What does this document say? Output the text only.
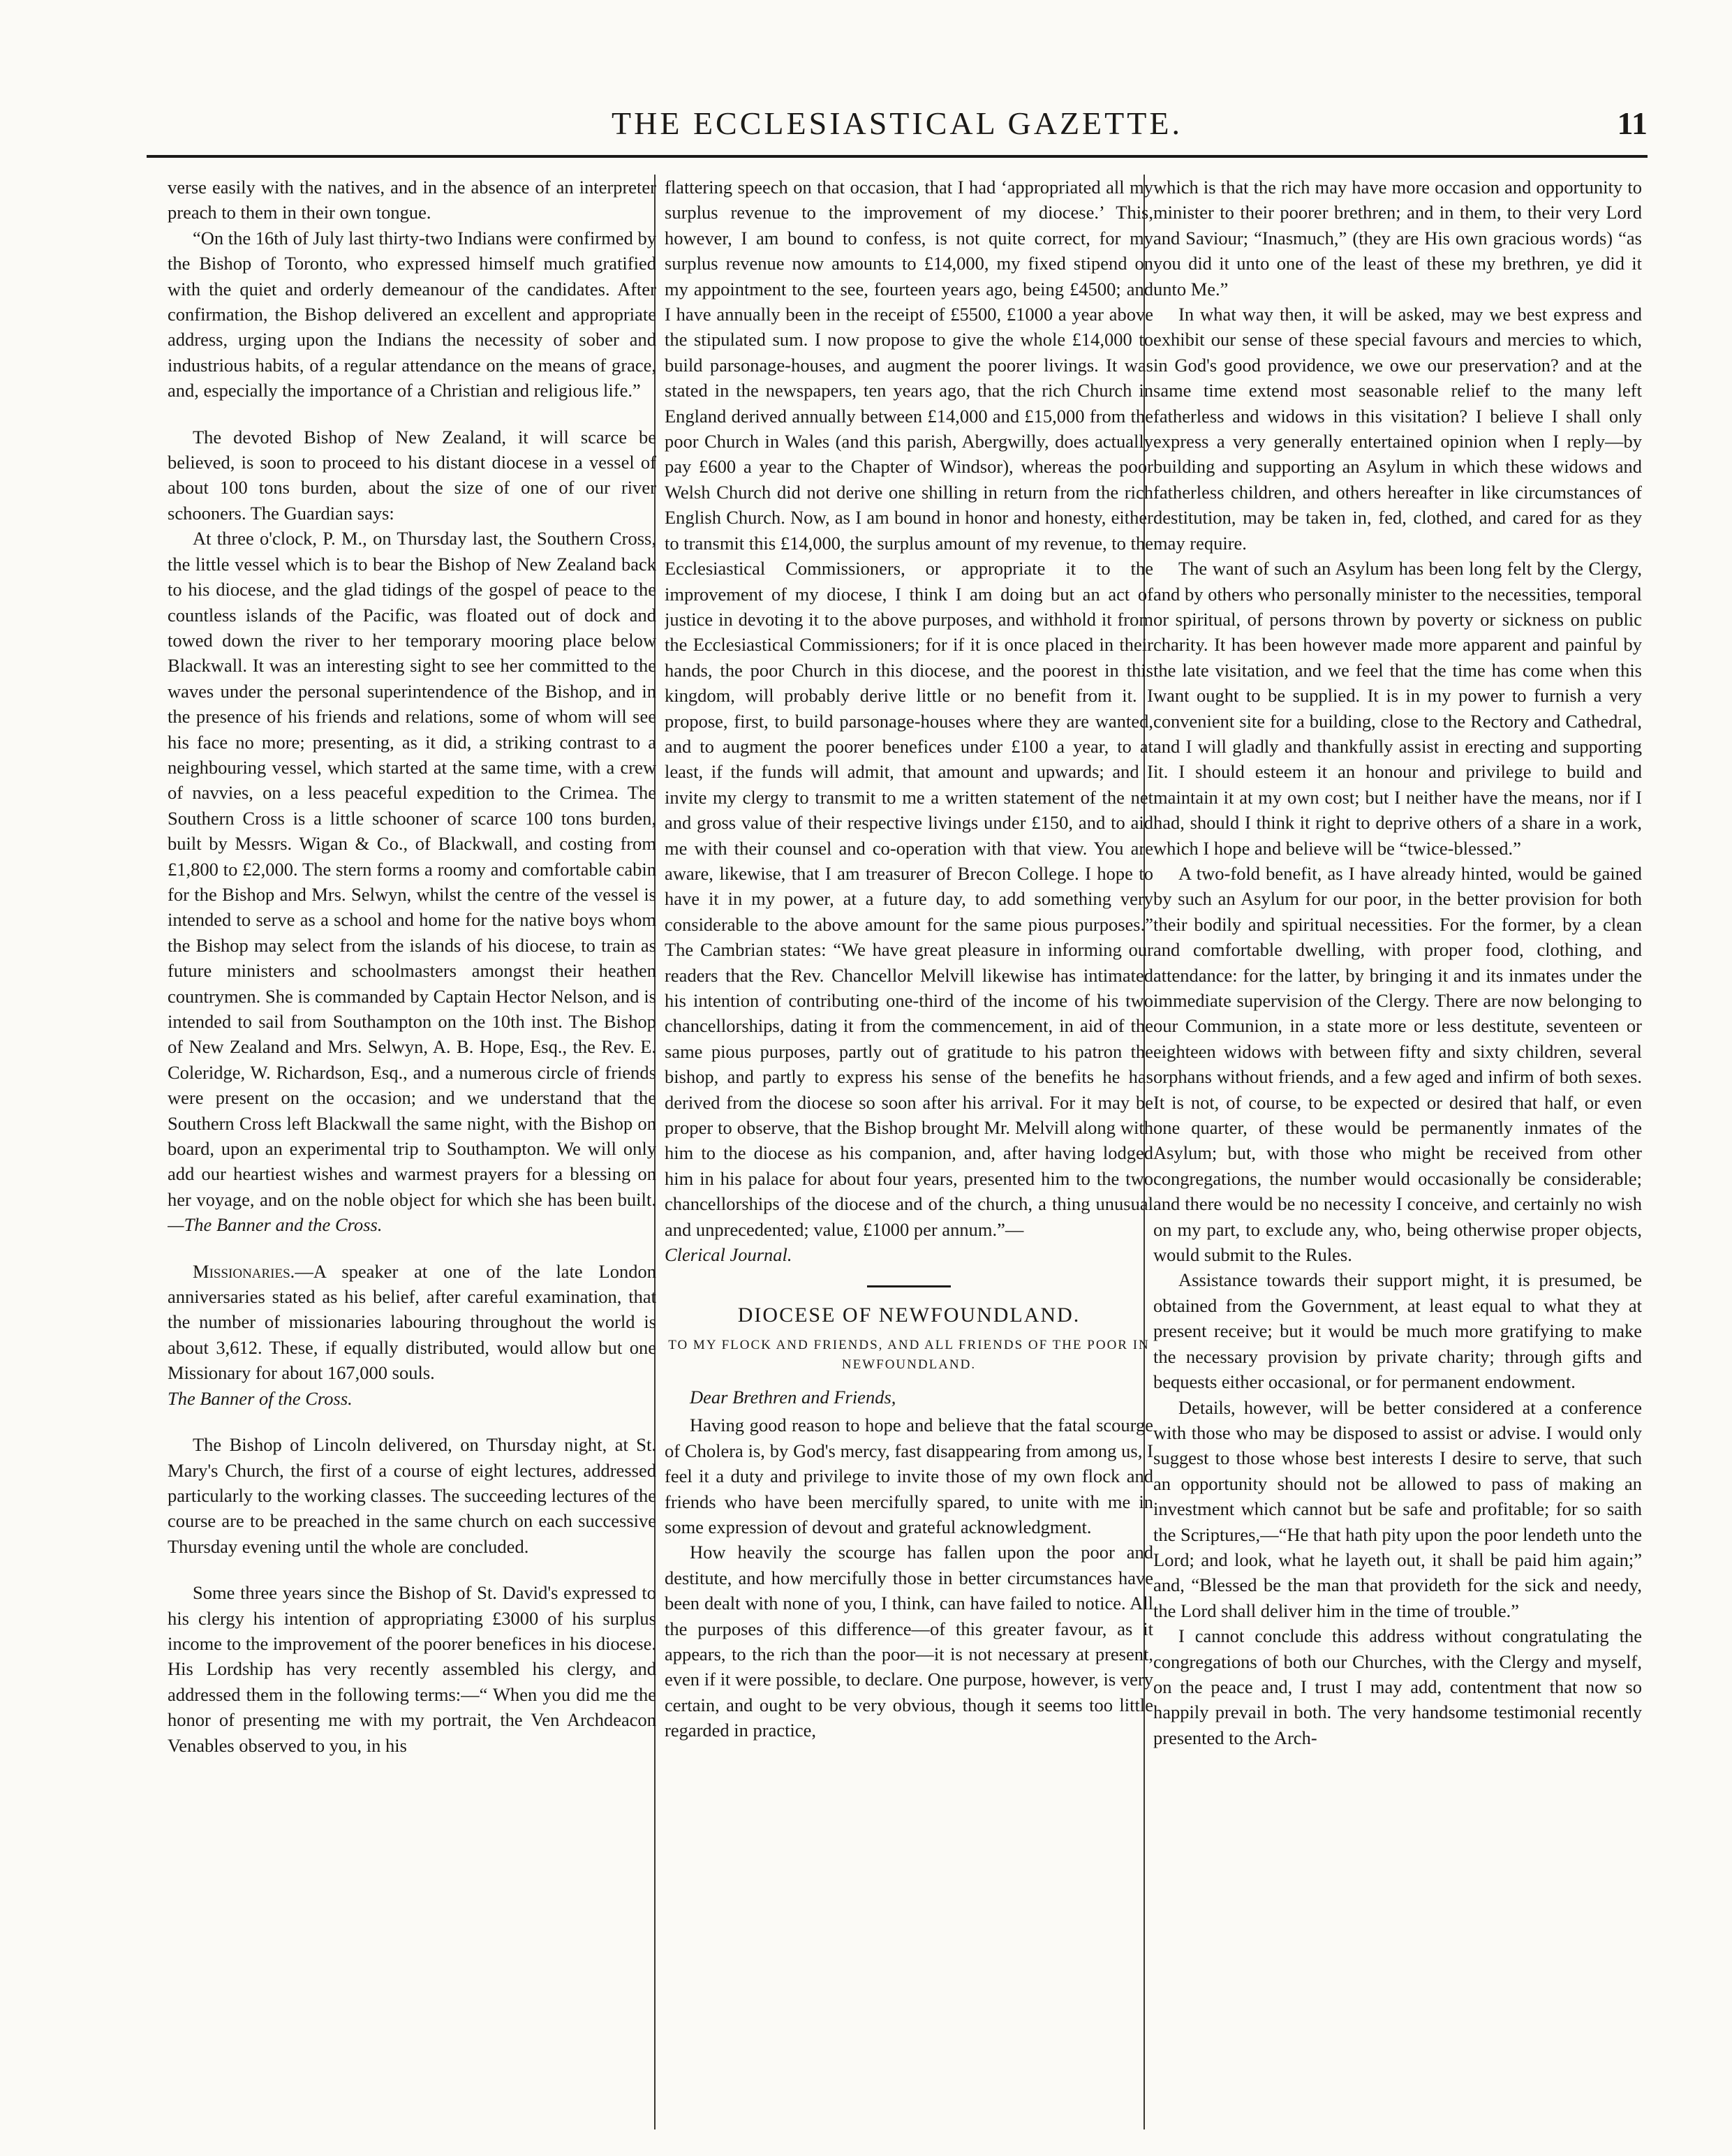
THE ECCLESIASTICAL GAZETTE.	11

verse easily with the natives, and in the absence of an interpreter preach to them in their own tongue.

“On the 16th of July last thirty-two Indians were confirmed by the Bishop of Toronto, who expressed himself much gratified with the quiet and orderly demeanour of the candidates. After confirmation, the Bishop delivered an excellent and appropriate address, urging upon the Indians the necessity of sober and industrious habits, of a regular attendance on the means of grace, and, especially the importance of a Christian and religious life.”

The devoted Bishop of New Zealand, it will scarce be believed, is soon to proceed to his distant diocese in a vessel of about 100 tons burden, about the size of one of our river schooners. The Guardian says:

At three o'clock, P. M., on Thursday last, the Southern Cross, the little vessel which is to bear the Bishop of New Zealand back to his diocese, and the glad tidings of the gospel of peace to the countless islands of the Pacific, was floated out of dock and towed down the river to her temporary mooring place below Blackwall. It was an interesting sight to see her committed to the waves under the personal superintendence of the Bishop, and in the presence of his friends and relations, some of whom will see his face no more; presenting, as it did, a striking contrast to a neighbouring vessel, which started at the same time, with a crew of navvies, on a less peaceful expedition to the Crimea. The Southern Cross is a little schooner of scarce 100 tons burden, built by Messrs. Wigan & Co., of Blackwall, and costing from £1,800 to £2,000. The stern forms a roomy and comfortable cabin for the Bishop and Mrs. Selwyn, whilst the centre of the vessel is intended to serve as a school and home for the native boys whom the Bishop may select from the islands of his diocese, to train as future ministers and schoolmasters amongst their heathen countrymen. She is commanded by Captain Hector Nelson, and is intended to sail from Southampton on the 10th inst. The Bishop of New Zealand and Mrs. Selwyn, A. B. Hope, Esq., the Rev. E. Coleridge, W. Richardson, Esq., and a numerous circle of friends were present on the occasion; and we understand that the Southern Cross left Blackwall the same night, with the Bishop on board, upon an experimental trip to Southampton. We will only add our heartiest wishes and warmest prayers for a blessing on her voyage, and on the noble object for which she has been built.—The Banner and the Cross.

Missionaries.—A speaker at one of the late London anniversaries stated as his belief, after careful examination, that the number of missionaries labouring throughout the world is about 3,612. These, if equally distributed, would allow but one Missionary for about 167,000 souls.

The Banner of the Cross.

The Bishop of Lincoln delivered, on Thursday night, at St. Mary's Church, the first of a course of eight lectures, addressed particularly to the working classes. The succeeding lectures of the course are to be preached in the same church on each successive Thursday evening until the whole are concluded.

Some three years since the Bishop of St. David's expressed to his clergy his intention of appropriating £3000 of his surplus income to the improvement of the poorer benefices in his diocese. His Lordship has very recently assembled his clergy, and addressed them in the following terms:—“ When you did me the honor of presenting me with my portrait, the Ven Archdeacon Venables observed to you, in his

flattering speech on that occasion, that I had ‘appropriated all my surplus revenue to the improvement of my diocese.’ This, however, I am bound to confess, is not quite correct, for my surplus revenue now amounts to £14,000, my fixed stipend on my appointment to the see, fourteen years ago, being £4500; and I have annually been in the receipt of £5500, £1000 a year above the stipulated sum. I now propose to give the whole £14,000 to build parsonage-houses, and augment the poorer livings. It was stated in the newspapers, ten years ago, that the rich Church in England derived annually between £14,000 and £15,000 from the poor Church in Wales (and this parish, Abergwilly, does actually pay £600 a year to the Chapter of Windsor), whereas the poor Welsh Church did not derive one shilling in return from the rich English Church. Now, as I am bound in honor and honesty, either to transmit this £14,000, the surplus amount of my revenue, to the Ecclesiastical Commissioners, or appropriate it to the improvement of my diocese, I think I am doing but an act of justice in devoting it to the above purposes, and withhold it from the Ecclesiastical Commissioners; for if it is once placed in their hands, the poor Church in this diocese, and the poorest in this kingdom, will probably derive little or no benefit from it. I propose, first, to build parsonage-houses where they are wanted, and to augment the poorer benefices under £100 a year, to at least, if the funds will admit, that amount and upwards; and I invite my clergy to transmit to me a written statement of the net and gross value of their respective livings under £150, and to aid me with their counsel and co-operation with that view. You are aware, likewise, that I am treasurer of Brecon College. I hope to have it in my power, at a future day, to add something very considerable to the above amount for the same pious purposes.” The Cambrian states: “We have great pleasure in informing our readers that the Rev. Chancellor Melvill likewise has intimated his intention of contributing one-third of the income of his two chancellorships, dating it from the commencement, in aid of the same pious purposes, partly out of gratitude to his patron the bishop, and partly to express his sense of the benefits he has derived from the diocese so soon after his arrival. For it may be proper to observe, that the Bishop brought Mr. Melvill along with him to the diocese as his companion, and, after having lodged him in his palace for about four years, presented him to the two chancellorships of the diocese and of the church, a thing unusual and unprecedented; value, £1000 per annum.”—

Clerical Journal.

DIOCESE OF NEWFOUNDLAND.
TO MY FLOCK AND FRIENDS, AND ALL FRIENDS OF THE POOR IN NEWFOUNDLAND.

Dear Brethren and Friends,

Having good reason to hope and believe that the fatal scourge of Cholera is, by God's mercy, fast disappearing from among us, I feel it a duty and privilege to invite those of my own flock and friends who have been mercifully spared, to unite with me in some expression of devout and grateful acknowledgment.

How heavily the scourge has fallen upon the poor and destitute, and how mercifully those in better circumstances have been dealt with none of you, I think, can have failed to notice. All the purposes of this difference—of this greater favour, as it appears, to the rich than the poor—it is not necessary at present, even if it were possible, to declare. One purpose, however, is very certain, and ought to be very obvious, though it seems too little regarded in practice,

which is that the rich may have more occasion and opportunity to minister to their poorer brethren; and in them, to their very Lord and Saviour; “Inasmuch,” (they are His own gracious words) “as you did it unto one of the least of these my brethren, ye did it unto Me.”

In what way then, it will be asked, may we best express and exhibit our sense of these special favours and mercies to which, in God's good providence, we owe our preservation? and at the same time extend most seasonable relief to the many left fatherless and widows in this visitation? I believe I shall only express a very generally entertained opinion when I reply—by building and supporting an Asylum in which these widows and fatherless children, and others hereafter in like circumstances of destitution, may be taken in, fed, clothed, and cared for as they may require.

The want of such an Asylum has been long felt by the Clergy, and by others who personally minister to the necessities, temporal or spiritual, of persons thrown by poverty or sickness on public charity. It has been however made more apparent and painful by the late visitation, and we feel that the time has come when this want ought to be supplied. It is in my power to furnish a very convenient site for a building, close to the Rectory and Cathedral, and I will gladly and thankfully assist in erecting and supporting it. I should esteem it an honour and privilege to build and maintain it at my own cost; but I neither have the means, nor if I had, should I think it right to deprive others of a share in a work, which I hope and believe will be “twice-blessed.”

A two-fold benefit, as I have already hinted, would be gained by such an Asylum for our poor, in the better provision for both their bodily and spiritual necessities. For the former, by a clean and comfortable dwelling, with proper food, clothing, and attendance: for the latter, by bringing it and its inmates under the immediate supervision of the Clergy. There are now belonging to our Communion, in a state more or less destitute, seventeen or eighteen widows with between fifty and sixty children, several orphans without friends, and a few aged and infirm of both sexes. It is not, of course, to be expected or desired that half, or even one quarter, of these would be permanently inmates of the Asylum; but, with those who might be received from other congregations, the number would occasionally be considerable; and there would be no necessity I conceive, and certainly no wish on my part, to exclude any, who, being otherwise proper objects, would submit to the Rules.

Assistance towards their support might, it is presumed, be obtained from the Government, at least equal to what they at present receive; but it would be much more gratifying to make the necessary provision by private charity; through gifts and bequests either occasional, or for permanent endowment.

Details, however, will be better considered at a conference with those who may be disposed to assist or advise. I would only suggest to those whose best interests I desire to serve, that such an opportunity should not be allowed to pass of making an investment which cannot but be safe and profitable; for so saith the Scriptures,—“He that hath pity upon the poor lendeth unto the Lord; and look, what he layeth out, it shall be paid him again;” and, “Blessed be the man that provideth for the sick and needy, the Lord shall deliver him in the time of trouble.”

I cannot conclude this address without congratulating the congregations of both our Churches, with the Clergy and myself, on the peace and, I trust I may add, contentment that now so happily prevail in both. The very handsome testimonial recently presented to the Arch-
